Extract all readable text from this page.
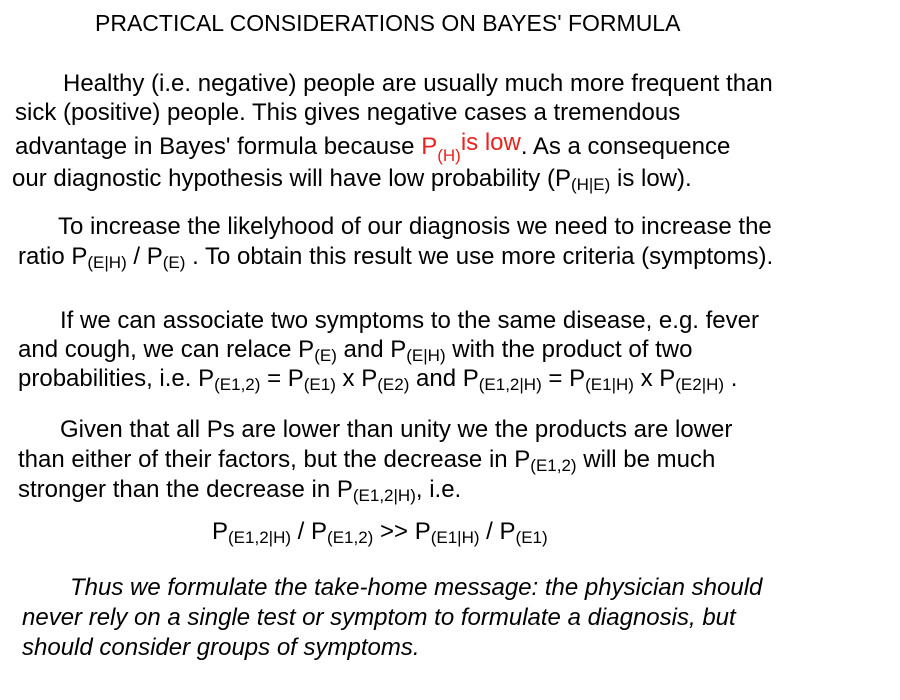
PRACTICAL CONSIDERATIONS ON BAYES' FORMULA
Healthy (i.e. negative) people are usually much more frequent than
sick (positive) people. This gives negative cases a tremendous
advantage in Bayes' formula because $P_{(H)}is$ low. As a consequence
our diagnostic hypothesis will have low probability ($P_{(H|E)}$ is low).
To increase the likelyhood of our diagnosis we need to increase the
ratio $P_{(E|H)} / P_{(E)}$ . To obtain this result we use more criteria (symptoms).
If we can associate two symptoms to the same disease, e.g. fever
and cough, we can relace $P_{(E)}$ and $P_{(E|H)}$ with the product of two
probabilities, i.e. $P_{(E1,2)} = P_{(E1)}$ x $P_{(E2)}$ and $P_{(E1,2|H)} = P_{(E1|H)}$ x $P_{(E2|H)}$ .
Given that all Ps are lower than unity we the products are lower
than either of their factors, but the decrease in $P_{(E1,2)}$ will be much
stronger than the decrease in $P_{(E1,2|H)}$, i.e.
$P_{(E1,2|H)} / P_{(E1,2)} >> P_{(E1|H)} / P_{(E1)}$
Thus we formulate the take-home message: the physician should
never rely on a single test or symptom to formulate a diagnosis, but
should consider groups of symptoms.
